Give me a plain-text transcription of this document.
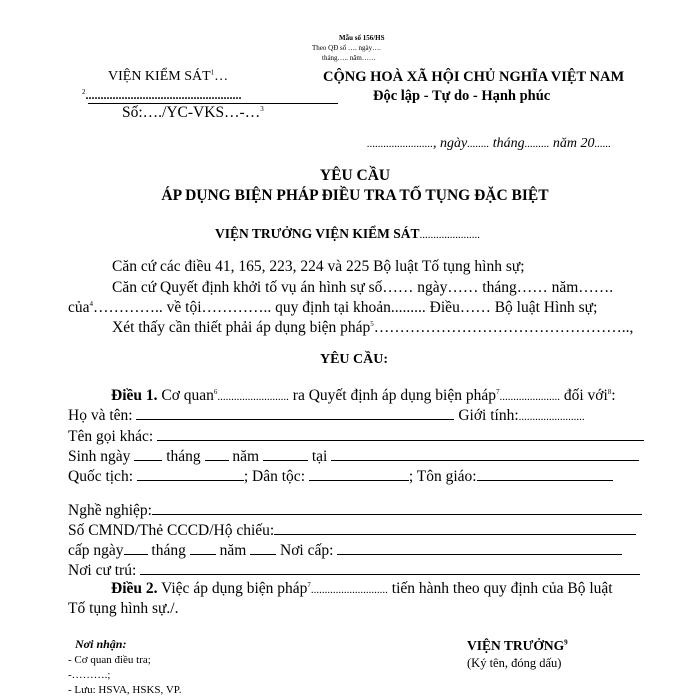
Mẫu số 156/HS
Theo QĐ số …. ngày….
tháng….. năm……
VIỆN KIỂM SÁT$^1$…
$^2$....................................................
Số:…./YC-VKS…-…$^3$
CỘNG HOÀ XÃ HỘI CHỦ NGHĨA VIỆT NAM
Độc lập - Tự do - Hạnh phúc
........................, ngày........ tháng......... năm 20......
YÊU CẦU
ÁP DỤNG BIỆN PHÁP ĐIỀU TRA TỐ TỤNG ĐẶC BIỆT
VIỆN TRƯỞNG VIỆN KIỂM SÁT......................
Căn cứ các điều 41, 165, 223, 224 và 225 Bộ luật Tố tụng hình sự;
Căn cứ Quyết định khởi tố vụ án hình sự số…… ngày…… tháng…… năm…….
của$^4$………….. về tội………….. quy định tại khoản......... Điều…… Bộ luật Hình sự;
Xét thấy cần thiết phải áp dụng biện pháp$^5$…………………………………………..,
YÊU CẦU:
Điều 1. Cơ quan$^6$.......................... ra Quyết định áp dụng biện pháp$^7$...................... đối với$^8$:
Họ và tên:	Giới tính:........................
Tên gọi khác:
Sinh ngày tháng năm	tại
Quốc tịch:	; Dân tộc:	; Tôn giáo:
Nghề nghiệp:
Số CMND/Thẻ CCCD/Hộ chiếu:
cấp ngày tháng năm Nơi cấp:
Nơi cư trú:
Điều 2. Việc áp dụng biện pháp$^7$............................ tiến hành theo quy định của Bộ luật
Tố tụng hình sự./.
Nơi nhận:
- Cơ quan điều tra;
-……….;
- Lưu: HSVA, HSKS, VP.
VIỆN TRƯỞNG$^9$
(Ký tên, đóng dấu)
